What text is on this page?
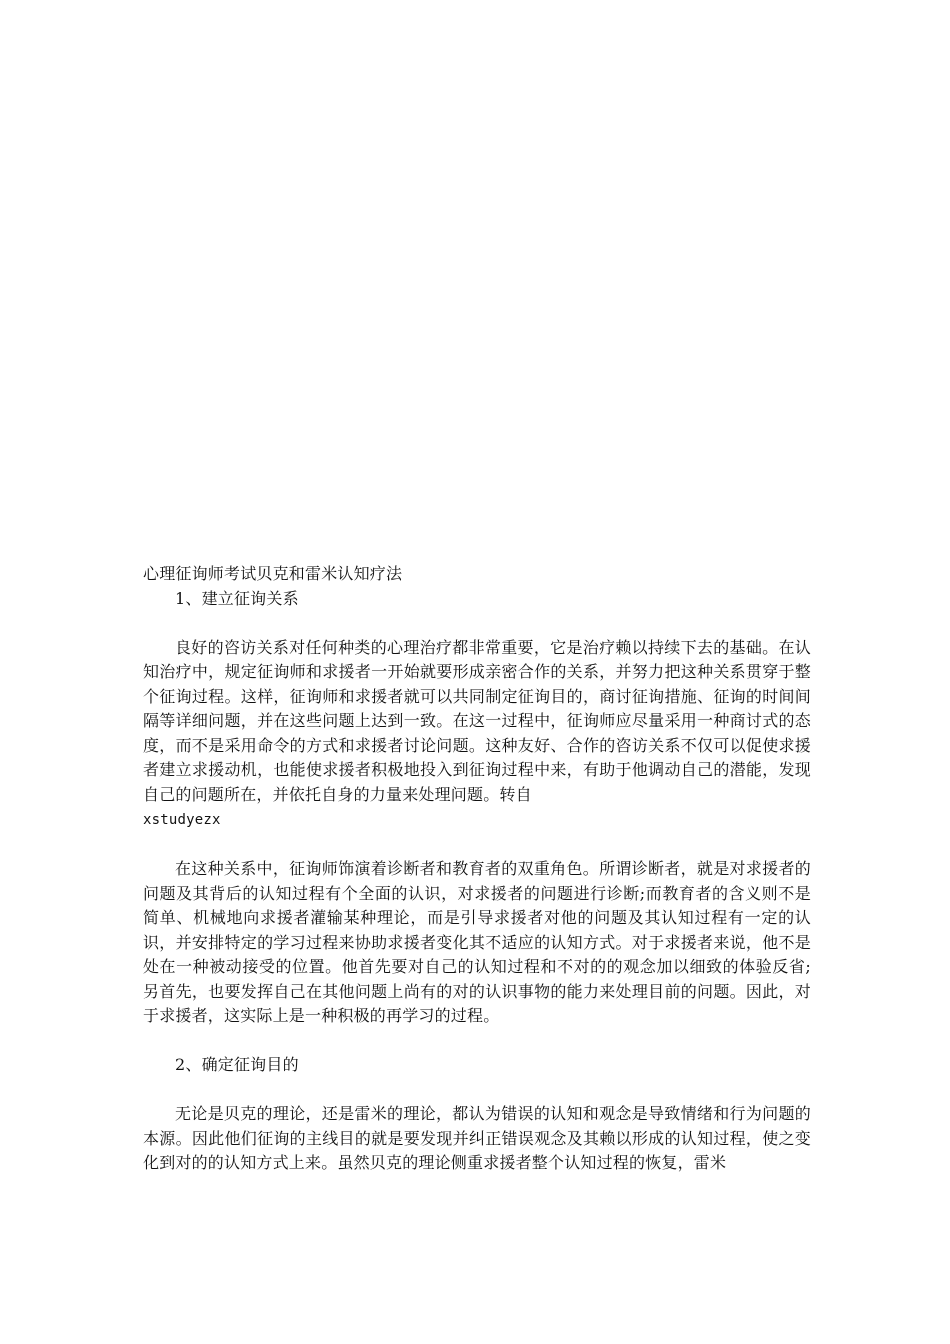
心理征询师考试贝克和雷米认知疗法

1、建立征询关系

良好的咨访关系对任何种类的心理治疗都非常重要，它是治疗赖以持续下去的基础。在认知治疗中，规定征询师和求援者一开始就要形成亲密合作的关系，并努力把这种关系贯穿于整个征询过程。这样，征询师和求援者就可以共同制定征询目的，商讨征询措施、征询的时间间隔等详细问题，并在这些问题上达到一致。在这一过程中，征询师应尽量采用一种商讨式的态度，而不是采用命令的方式和求援者讨论问题。这种友好、合作的咨访关系不仅可以促使求援者建立求援动机，也能使求援者积极地投入到征询过程中来，有助于他调动自己的潜能，发现自己的问题所在，并依托自身的力量来处理问题。转自
xstudyezx

在这种关系中，征询师饰演着诊断者和教育者的双重角色。所谓诊断者，就是对求援者的问题及其背后的认知过程有个全面的认识，对求援者的问题进行诊断;而教育者的含义则不是简单、机械地向求援者灌输某种理论，而是引导求援者对他的问题及其认知过程有一定的认识，并安排特定的学习过程来协助求援者变化其不适应的认知方式。对于求援者来说，他不是处在一种被动接受的位置。他首先要对自己的认知过程和不对的的观念加以细致的体验反省;另首先，也要发挥自己在其他问题上尚有的对的认识事物的能力来处理目前的问题。因此，对于求援者，这实际上是一种积极的再学习的过程。

2、确定征询目的

无论是贝克的理论，还是雷米的理论，都认为错误的认知和观念是导致情绪和行为问题的本源。因此他们征询的主线目的就是要发现并纠正错误观念及其赖以形成的认知过程，使之变化到对的的认知方式上来。虽然贝克的理论侧重求援者整个认知过程的恢复，雷米
